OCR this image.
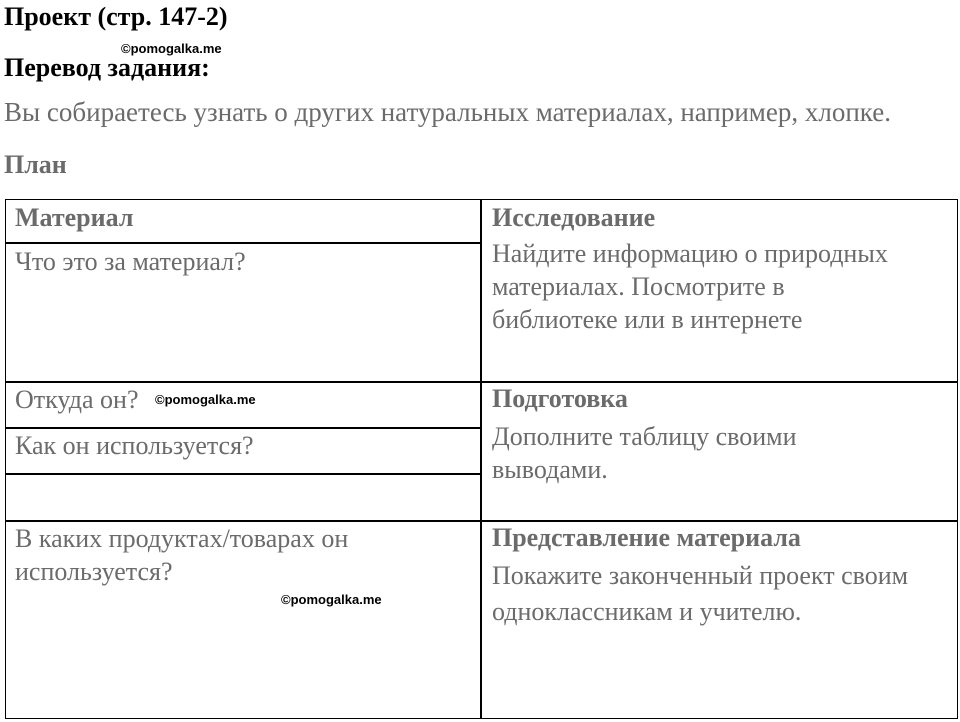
Проект (стр. 147-2)
©pomogalka.me
Перевод задания:
Вы собираетесь узнать о других натуральных материалах, например, хлопке.
План
Материал
Что это за материал?
Откуда он? ©pomogalka.me
Как он используется?
В каких продуктах/товарах он
используется?
©pomogalka.me
Исследование
Найдите информацию о природных
материалах. Посмотрите в
библиотеке или в интернете
Подготовка
Дополните таблицу своими
выводами.
Представление материала
Покажите законченный проект своим
одноклассникам и учителю.
